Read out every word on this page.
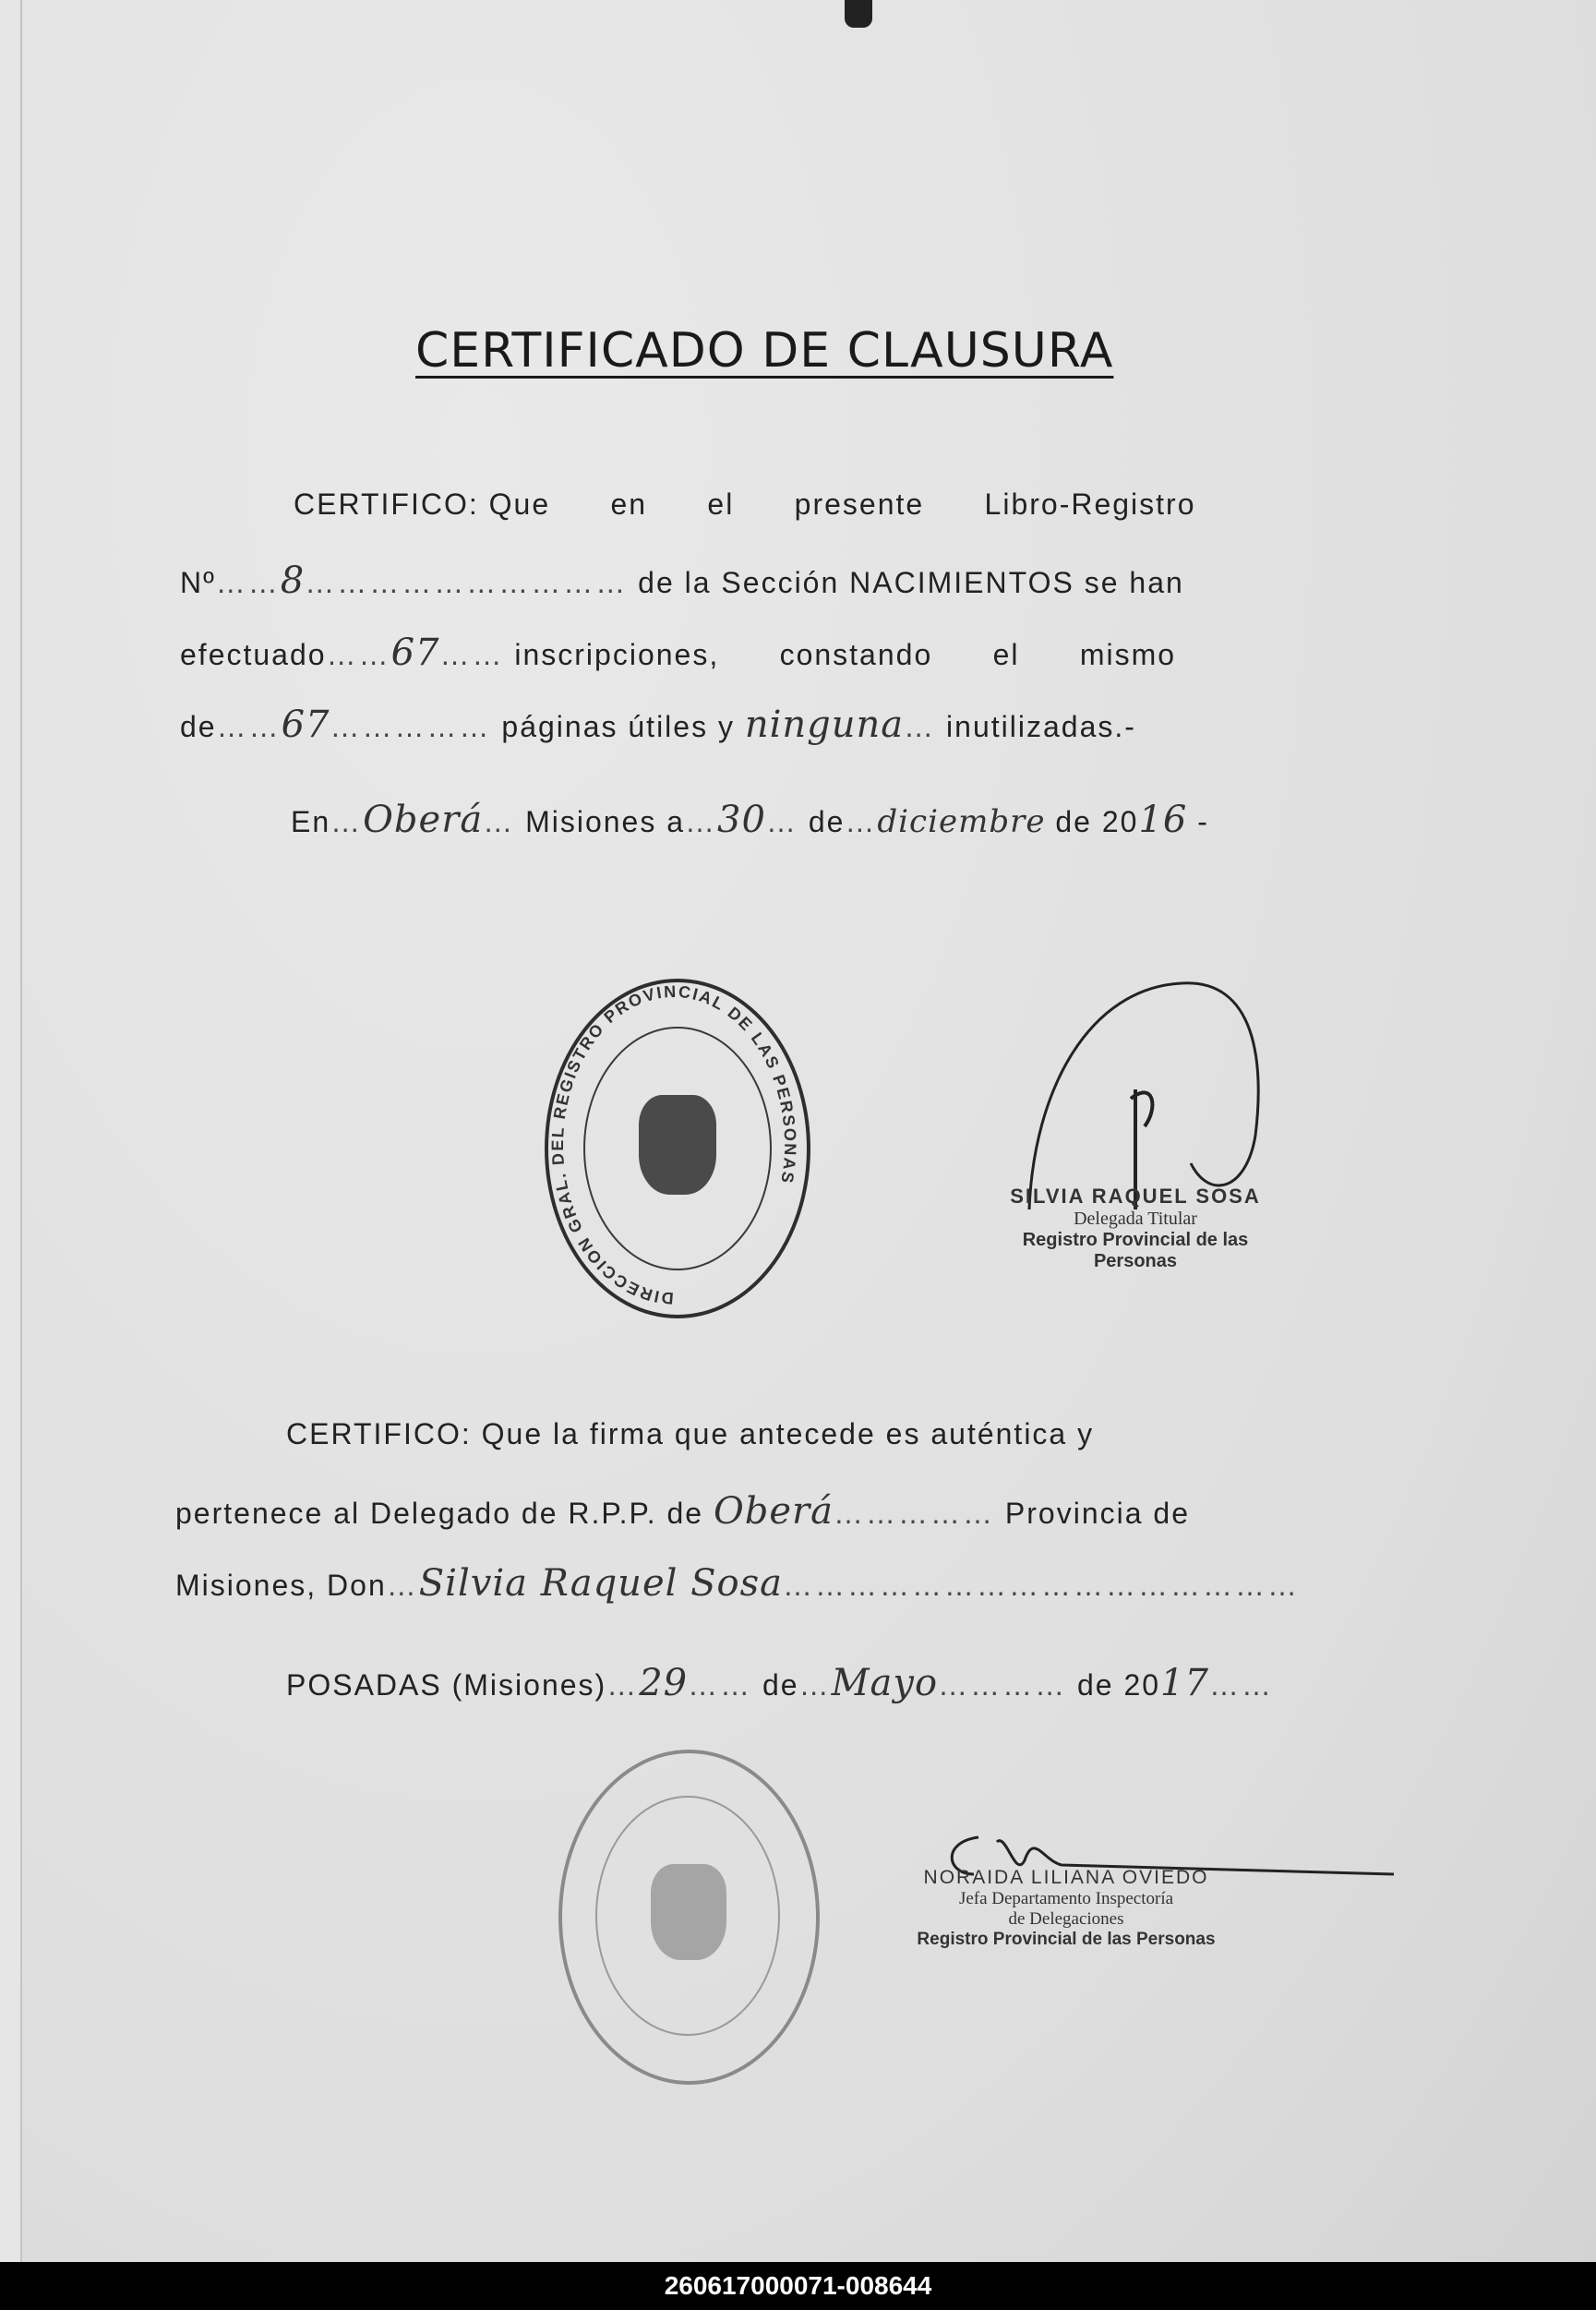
CERTIFICADO DE CLAUSURA
CERTIFICO: Que      en      el      presente      Libro-Registro
Nº……8………………………… de la Sección NACIMIENTOS se han
efectuado……67…… inscripciones,      constando      el      mismo
de……67…………… páginas útiles y ninguna… inutilizadas.-
En…Oberá… Misiones a…30… de…diciembre de 2016 -
DIRECCION GRAL. DEL REGISTRO PROVINCIAL DE LAS PERSONAS
SILVIA RAQUEL SOSA
Delegada Titular
Registro Provincial de las Personas
CERTIFICO: Que la firma que antecede es auténtica y
pertenece al Delegado de R.P.P. de Oberá…………… Provincia de
Misiones, Don…Silvia Raquel Sosa…………………………………………
POSADAS (Misiones)…29…… de…Mayo………… de 2017……
NORAIDA LILIANA OVIEDO
Jefa Departamento Inspectoría
de Delegaciones
Registro Provincial de las Personas
260617000071-008644
